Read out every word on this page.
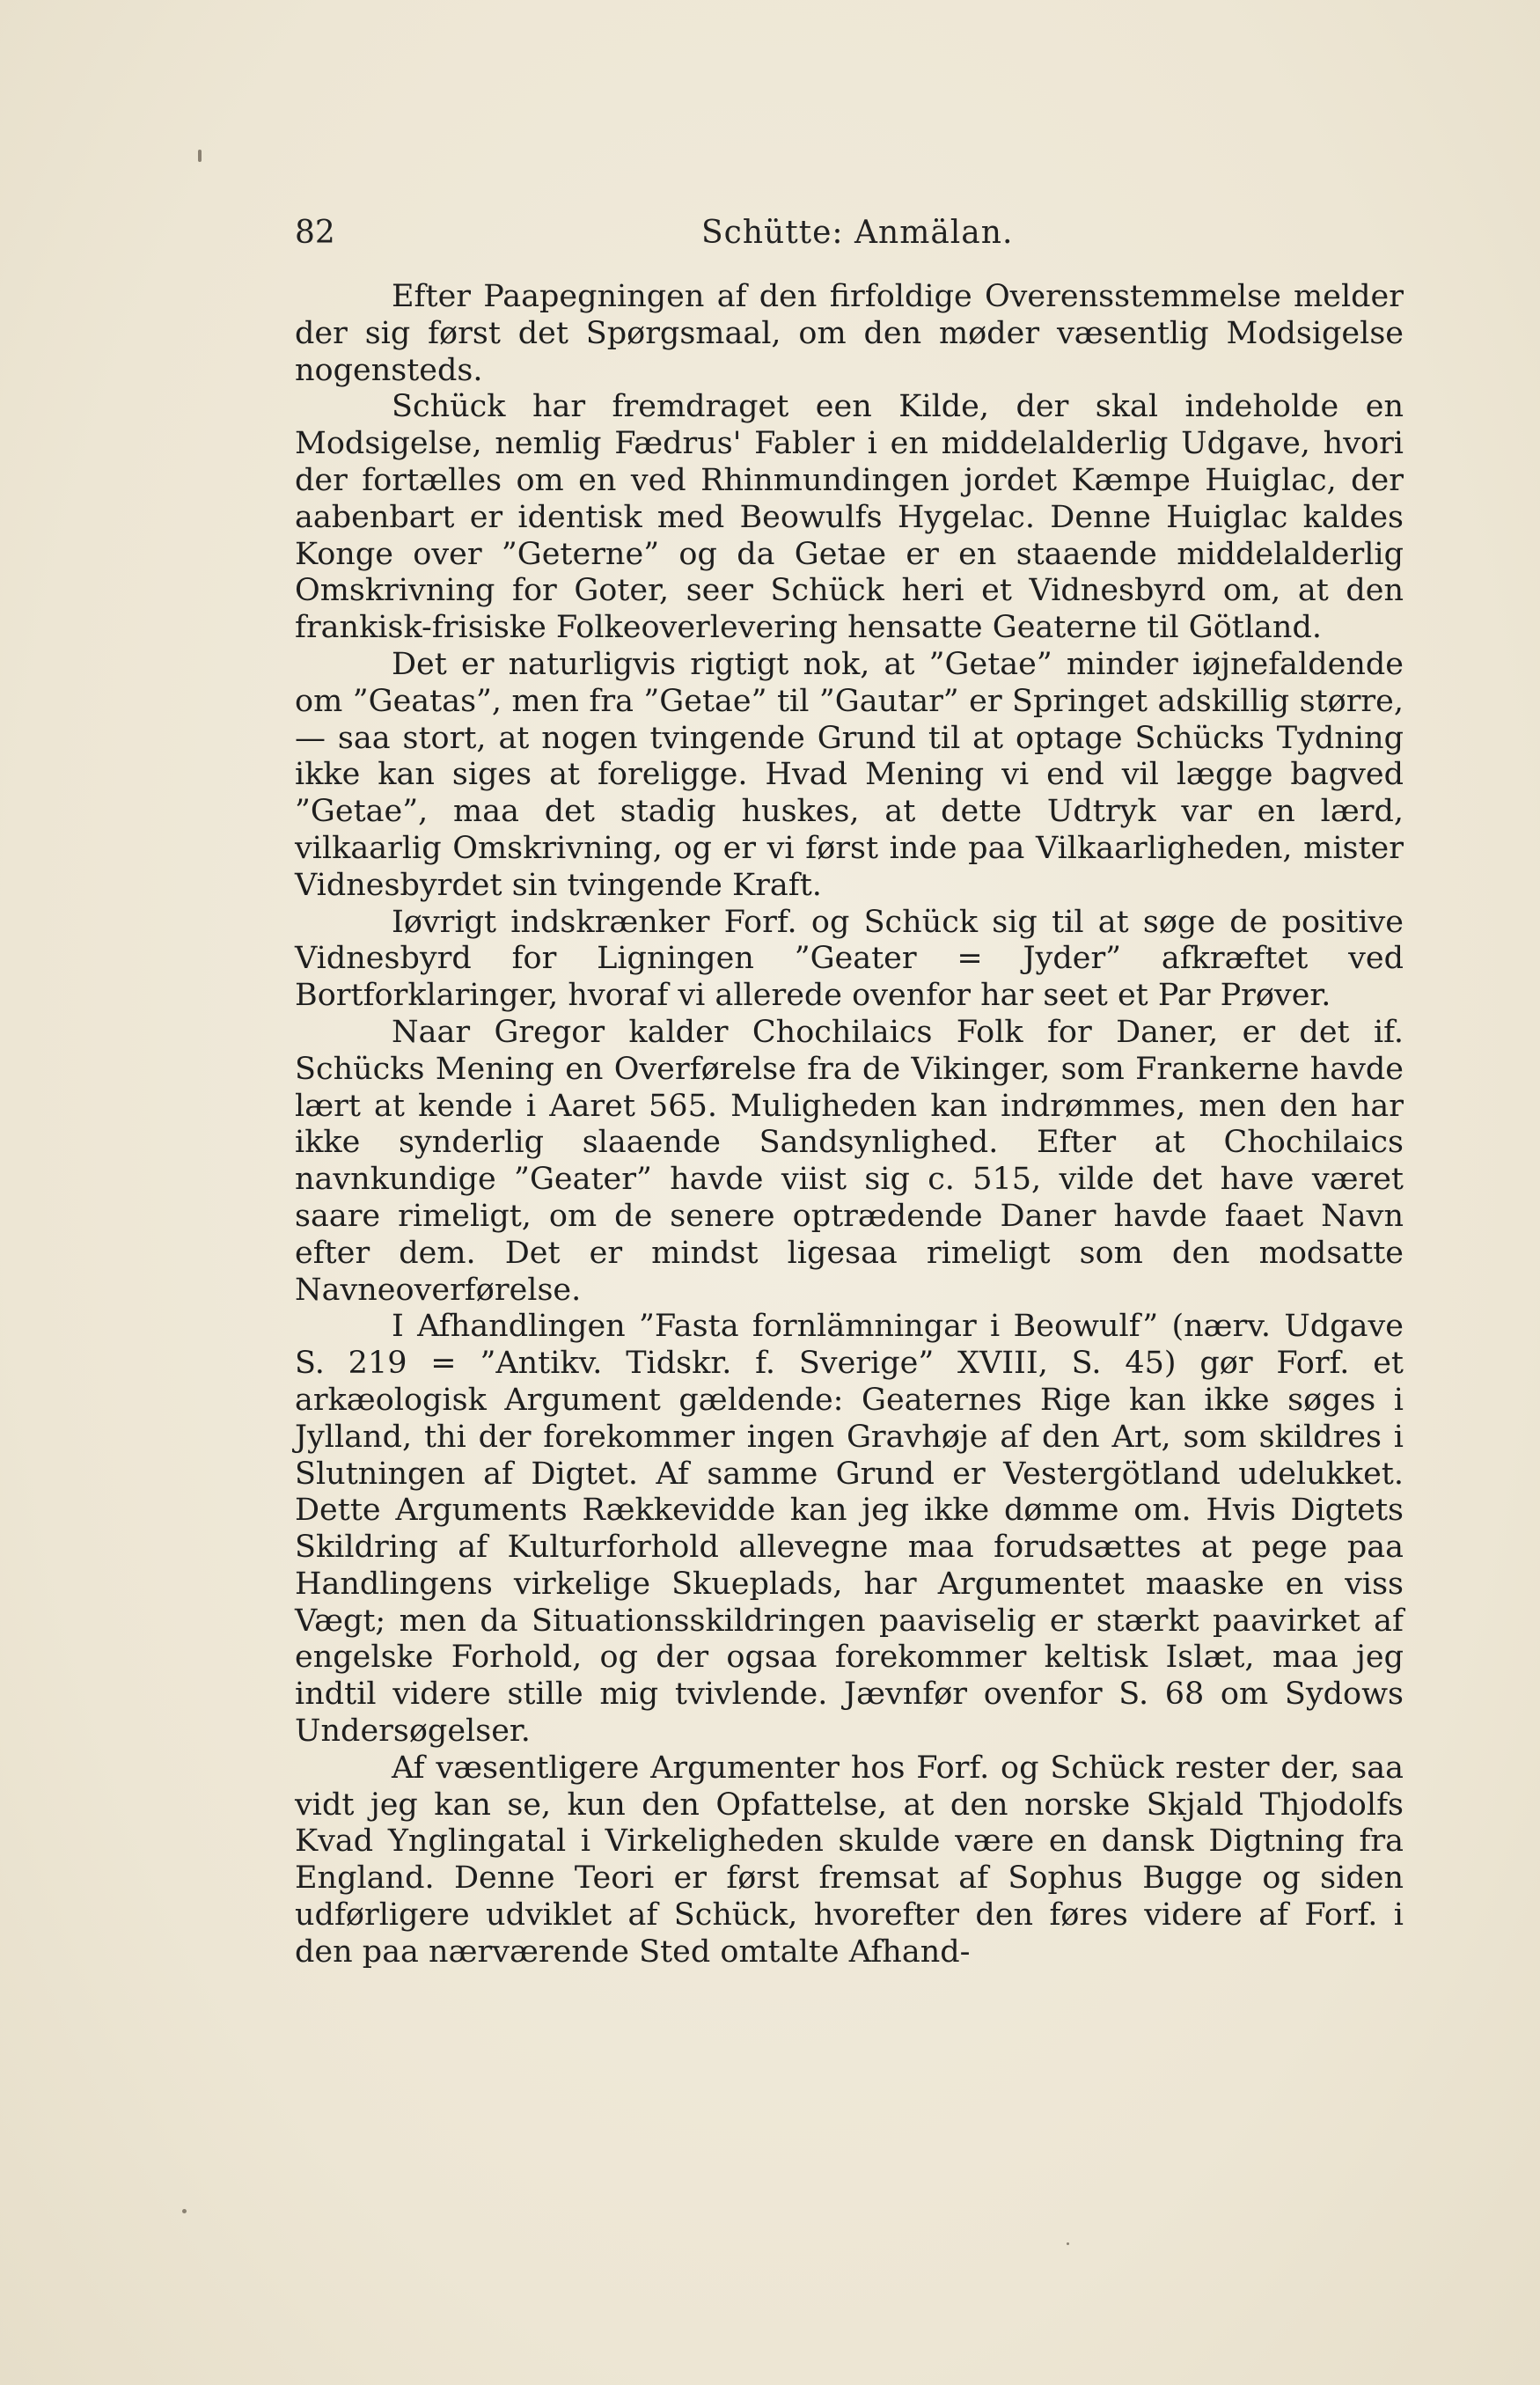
82	Schütte: Anmälan.

Efter Paapegningen af den firfoldige Overensstemmelse melder der sig først det Spørgsmaal, om den møder væsentlig Modsigelse nogensteds.

Schück har fremdraget een Kilde, der skal indeholde en Modsigelse, nemlig Fædrus' Fabler i en middelalderlig Udgave, hvori der fortælles om en ved Rhinmundingen jordet Kæmpe Huiglac, der aabenbart er identisk med Beowulfs Hygelac. Denne Huiglac kaldes Konge over ”Geterne” og da Getae er en staaende middelalderlig Omskrivning for Goter, seer Schück heri et Vidnesbyrd om, at den frankisk-frisiske Folkeoverlevering hensatte Geaterne til Götland.

Det er naturligvis rigtigt nok, at ”Getae” minder iøjnefaldende om ”Geatas”, men fra ”Getae” til ”Gautar” er Springet adskillig større, — saa stort, at nogen tvingende Grund til at optage Schücks Tydning ikke kan siges at foreligge. Hvad Mening vi end vil lægge bagved ”Getae”, maa det stadig huskes, at dette Udtryk var en lærd, vilkaarlig Omskrivning, og er vi først inde paa Vilkaarligheden, mister Vidnesbyrdet sin tvingende Kraft.

Iøvrigt indskrænker Forf. og Schück sig til at søge de positive Vidnesbyrd for Ligningen ”Geater = Jyder” afkræftet ved Bortforklaringer, hvoraf vi allerede ovenfor har seet et Par Prøver.

Naar Gregor kalder Chochilaics Folk for Daner, er det if. Schücks Mening en Overførelse fra de Vikinger, som Frankerne havde lært at kende i Aaret 565. Muligheden kan indrømmes, men den har ikke synderlig slaaende Sandsynlighed. Efter at Chochilaics navnkundige ”Geater” havde viist sig c. 515, vilde det have været saare rimeligt, om de senere optrædende Daner havde faaet Navn efter dem. Det er mindst ligesaa rimeligt som den modsatte Navneoverførelse.

I Afhandlingen ”Fasta fornlämningar i Beowulf” (nærv. Udgave S. 219 = ”Antikv. Tidskr. f. Sverige” XVIII, S. 45) gør Forf. et arkæologisk Argument gældende: Geaternes Rige kan ikke søges i Jylland, thi der forekommer ingen Gravhøje af den Art, som skildres i Slutningen af Digtet. Af samme Grund er Vestergötland udelukket. Dette Arguments Rækkevidde kan jeg ikke dømme om. Hvis Digtets Skildring af Kulturforhold allevegne maa forudsættes at pege paa Handlingens virkelige Skueplads, har Argumentet maaske en viss Vægt; men da Situationsskildringen paaviselig er stærkt paavirket af engelske Forhold, og der ogsaa forekommer keltisk Islæt, maa jeg indtil videre stille mig tvivlende. Jævnfør ovenfor S. 68 om Sydows Undersøgelser.

Af væsentligere Argumenter hos Forf. og Schück rester der, saa vidt jeg kan se, kun den Opfattelse, at den norske Skjald Thjodolfs Kvad Ynglingatal i Virkeligheden skulde være en dansk Digtning fra England. Denne Teori er først fremsat af Sophus Bugge og siden udførligere udviklet af Schück, hvorefter den føres videre af Forf. i den paa nærværende Sted omtalte Afhand-
